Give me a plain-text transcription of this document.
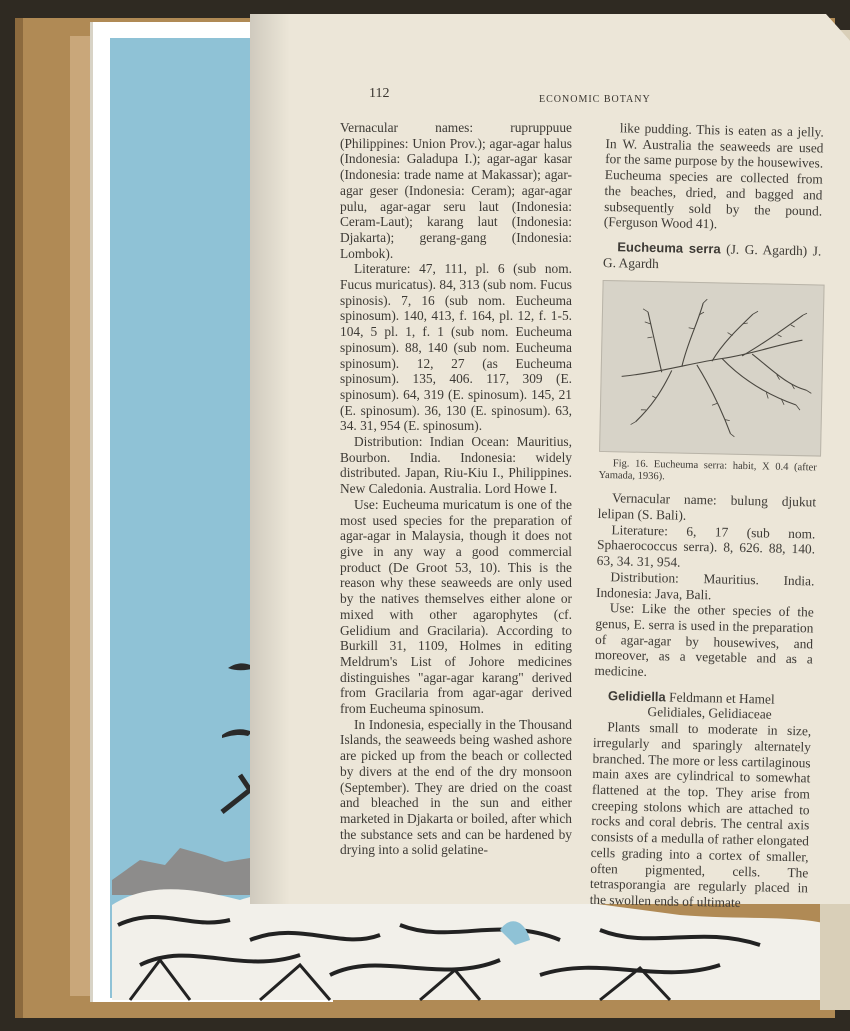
112	ECONOMIC BOTANY

Vernacular names: rupruppuue (Philippines: Union Prov.); agar-agar halus (Indonesia: Galadupa I.); agar-agar kasar (Indonesia: trade name at Makassar); agar-agar geser (Indonesia: Ceram); agar-agar pulu, agar-agar seru laut (Indonesia: Ceram-Laut); karang laut (Indonesia: Djakarta); gerang-gang (Indonesia: Lombok).

Literature: 47, 111, pl. 6 (sub nom. Fucus muricatus). 84, 313 (sub nom. Fucus spinosis). 7, 16 (sub nom. Eucheuma spinosum). 140, 413, f. 164, pl. 12, f. 1-5. 104, 5 pl. 1, f. 1 (sub nom. Eucheuma spinosum). 88, 140 (sub nom. Eucheuma spinosum). 12, 27 (as Eucheuma spinosum). 135, 406. 117, 309 (E. spinosum). 64, 319 (E. spinosum). 145, 21 (E. spinosum). 36, 130 (E. spinosum). 63, 34. 31, 954 (E. spinosum).

Distribution: Indian Ocean: Mauritius, Bourbon. India. Indonesia: widely distributed. Japan, Riu-Kiu I., Philippines. New Caledonia. Australia. Lord Howe I.

Use: Eucheuma muricatum is one of the most used species for the preparation of agar-agar in Malaysia, though it does not give in any way a good commercial product (De Groot 53, 10). This is the reason why these seaweeds are only used by the natives themselves either alone or mixed with other agarophytes (cf. Gelidium and Gracilaria). According to Burkill 31, 1109, Holmes in editing Meldrum's List of Johore medicines distinguishes "agar-agar karang" derived from Gracilaria from agar-agar derived from Eucheuma spinosum.

In Indonesia, especially in the Thousand Islands, the seaweeds being washed ashore are picked up from the beach or collected by divers at the end of the dry monsoon (September). They are dried on the coast and bleached in the sun and either marketed in Djakarta or boiled, after which the substance sets and can be hardened by drying into a solid gelatine-

like pudding. This is eaten as a jelly. In W. Australia the seaweeds are used for the same purpose by the housewives. Eucheuma species are collected from the beaches, dried, and bagged and subsequently sold by the pound. (Ferguson Wood 41).

Eucheuma serra (J. G. Agardh) J. G. Agardh

Fig. 16. Eucheuma serra: habit, X 0.4 (after Yamada, 1936).

Vernacular name: bulung djukut lelipan (S. Bali).

Literature: 6, 17 (sub nom. Sphaerococcus serra). 8, 626. 88, 140. 63, 34. 31, 954.

Distribution: Mauritius. India. Indonesia: Java, Bali.

Use: Like the other species of the genus, E. serra is used in the preparation of agar-agar by housewives, and moreover, as a vegetable and as a medicine.

Gelidiella Feldmann et Hamel

Gelidiales, Gelidiaceae

Plants small to moderate in size, irregularly and sparingly alternately branched. The more or less cartilaginous main axes are cylindrical to somewhat flattened at the top. They arise from creeping stolons which are attached to rocks and coral debris. The central axis consists of a medulla of rather elongated cells grading into a cortex of smaller, often pigmented, cells. The tetrasporangia are regularly placed in the swollen ends of ultimate
